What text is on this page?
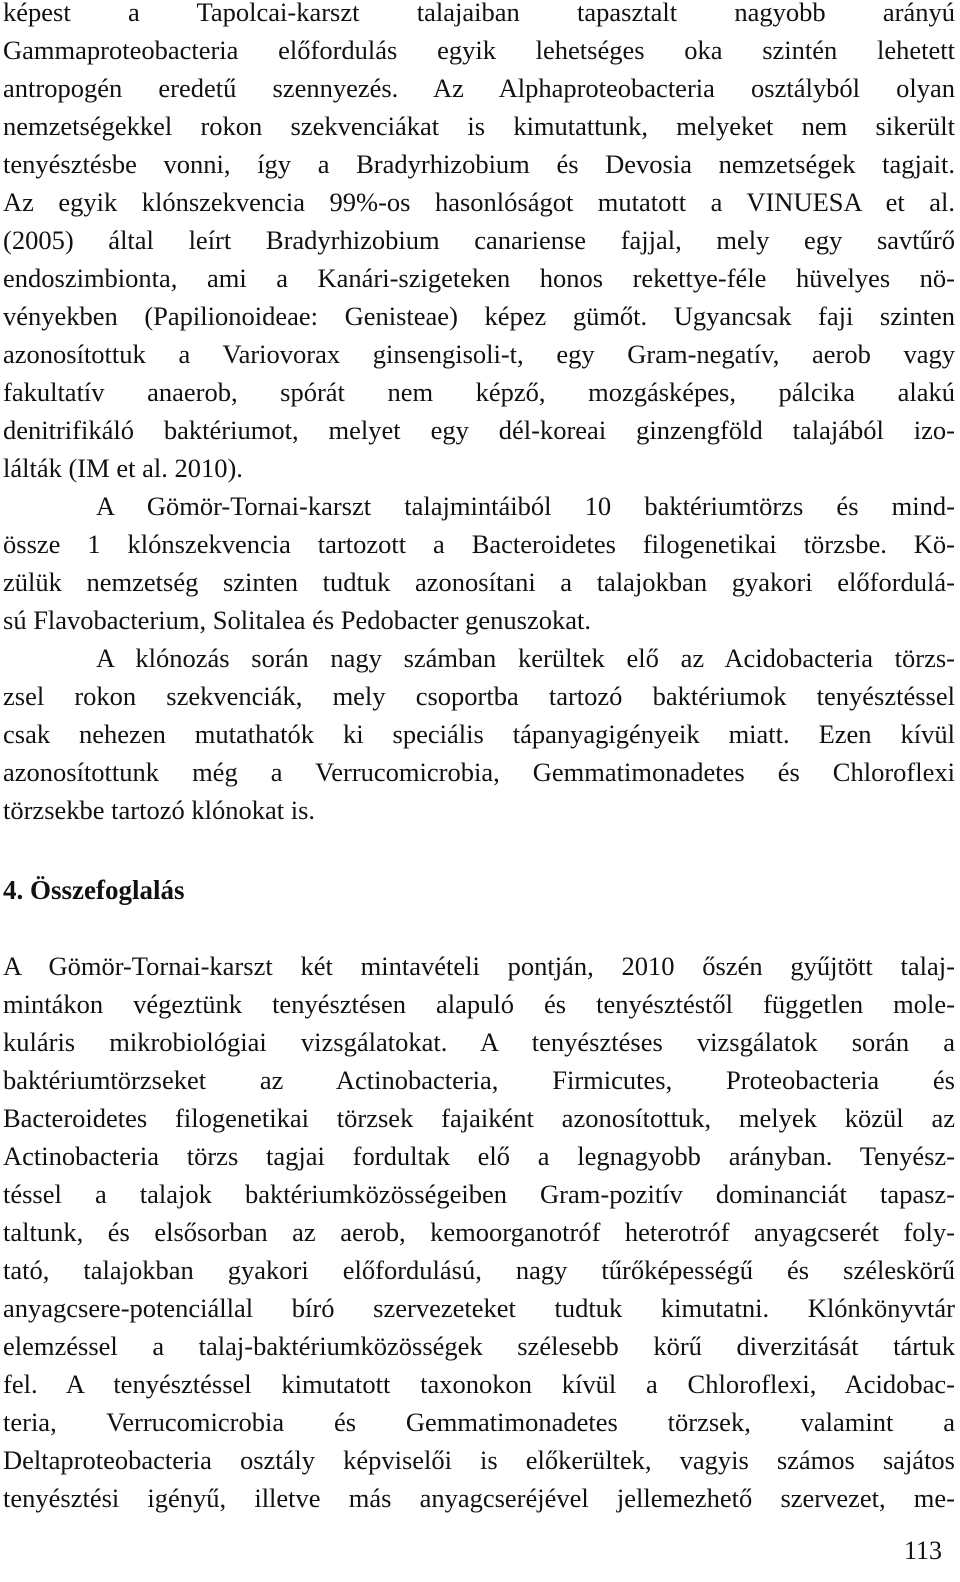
képest a Tapolcai-karszt talajaiban tapasztalt nagyobb arányú
Gammaproteobacteria előfordulás egyik lehetséges oka szintén lehetett
antropogén eredetű szennyezés. Az Alphaproteobacteria osztályból olyan
nemzetségekkel rokon szekvenciákat is kimutattunk, melyeket nem sikerült
tenyésztésbe vonni, így a Bradyrhizobium és Devosia nemzetségek tagjait.
Az egyik klónszekvencia 99%-os hasonlóságot mutatott a VINUESA et al.
(2005) által leírt Bradyrhizobium canariense fajjal, mely egy savtűrő
endoszimbionta, ami a Kanári-szigeteken honos rekettye-féle hüvelyes nö-
vényekben (Papilionoideae: Genisteae) képez gümőt. Ugyancsak faji szinten
azonosítottuk a Variovorax ginsengisoli-t, egy Gram-negatív, aerob vagy
fakultatív anaerob, spórát nem képző, mozgásképes, pálcika alakú
denitrifikáló baktériumot, melyet egy dél-koreai ginzengföld talajából izo-
lálták (IM et al. 2010).
A Gömör-Tornai-karszt talajmintáiból 10 baktériumtörzs és mind-
össze 1 klónszekvencia tartozott a Bacteroidetes filogenetikai törzsbe. Kö-
zülük nemzetség szinten tudtuk azonosítani a talajokban gyakori előfordulá-
sú Flavobacterium, Solitalea és Pedobacter genuszokat.
A klónozás során nagy számban kerültek elő az Acidobacteria törzs-
zsel rokon szekvenciák, mely csoportba tartozó baktériumok tenyésztéssel
csak nehezen mutathatók ki speciális tápanyagigényeik miatt. Ezen kívül
azonosítottunk még a Verrucomicrobia, Gemmatimonadetes és Chloroflexi
törzsekbe tartozó klónokat is.
4. Összefoglalás
A Gömör-Tornai-karszt két mintavételi pontján, 2010 őszén gyűjtött talaj-
mintákon végeztünk tenyésztésen alapuló és tenyésztéstől független mole-
kuláris mikrobiológiai vizsgálatokat. A tenyésztéses vizsgálatok során a
baktériumtörzseket az Actinobacteria, Firmicutes, Proteobacteria és
Bacteroidetes filogenetikai törzsek fajaiként azonosítottuk, melyek közül az
Actinobacteria törzs tagjai fordultak elő a legnagyobb arányban. Tenyész-
téssel a talajok baktériumközösségeiben Gram-pozitív dominanciát tapasz-
taltunk, és elsősorban az aerob, kemoorganotróf heterotróf anyagcserét foly-
tató, talajokban gyakori előfordulású, nagy tűrőképességű és széleskörű
anyagcsere-potenciállal bíró szervezeteket tudtuk kimutatni. Klónkönyvtár
elemzéssel a talaj-baktériumközösségek szélesebb körű diverzitását tártuk
fel. A tenyésztéssel kimutatott taxonokon kívül a Chloroflexi, Acidobac-
teria, Verrucomicrobia és Gemmatimonadetes törzsek, valamint a
Deltaproteobacteria osztály képviselői is előkerültek, vagyis számos sajátos
tenyésztési igényű, illetve más anyagcseréjével jellemezhető szervezet, me-
113
